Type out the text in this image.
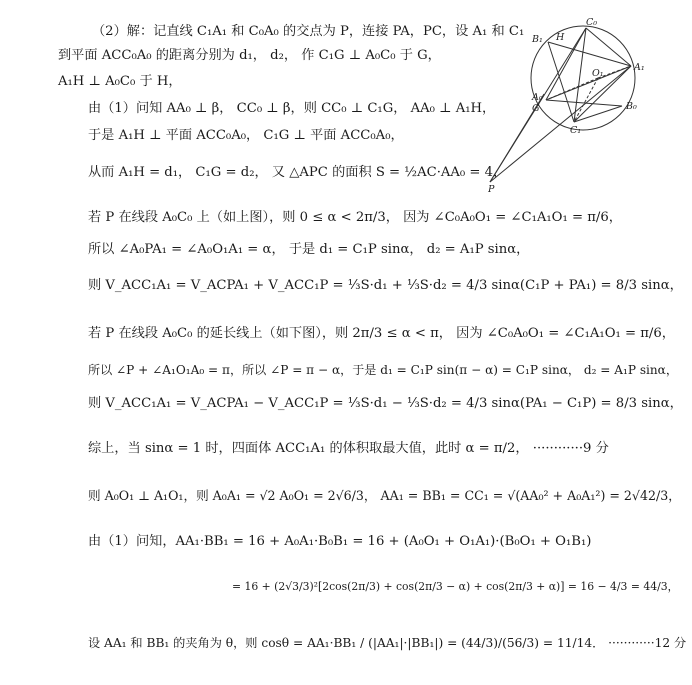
（2）解：记直线 C₁A₁ 和 C₀A₀ 的交点为 P，连接 PA，PC，设 A₁ 和 C₁
到平面 ACC₀A₀ 的距离分别为 d₁， d₂， 作 C₁G ⊥ A₀C₀ 于 G，
A₁H ⊥ A₀C₀ 于 H，
由（1）问知 AA₀ ⊥ β， CC₀ ⊥ β，则 CC₀ ⊥ C₁G， AA₀ ⊥ A₁H，
于是 A₁H ⊥ 平面 ACC₀A₀， C₁G ⊥ 平面 ACC₀A₀，
从而 A₁H = d₁， C₁G = d₂， 又 △APC 的面积 S = ½AC·AA₀ = 4，
若 P 在线段 A₀C₀ 上（如上图），则 0 ≤ α < 2π/3， 因为 ∠C₀A₀O₁ = ∠C₁A₁O₁ = π/6，
所以 ∠A₀PA₁ = ∠A₀O₁A₁ = α， 于是 d₁ = C₁P sinα， d₂ = A₁P sinα，
则 V_ACC₁A₁ = V_ACPA₁ + V_ACC₁P = ⅓S·d₁ + ⅓S·d₂ = 4/3 sinα(C₁P + PA₁) = 8/3 sinα，
若 P 在线段 A₀C₀ 的延长线上（如下图），则 2π/3 ≤ α < π， 因为 ∠C₀A₀O₁ = ∠C₁A₁O₁ = π/6，
所以 ∠P + ∠A₁O₁A₀ = π，所以 ∠P = π − α，于是 d₁ = C₁P sin(π − α) = C₁P sinα， d₂ = A₁P sinα，
则 V_ACC₁A₁ = V_ACPA₁ − V_ACC₁P = ⅓S·d₁ − ⅓S·d₂ = 4/3 sinα(PA₁ − C₁P) = 8/3 sinα，
综上，当 sinα = 1 时，四面体 ACC₁A₁ 的体积取最大值，此时 α = π/2， ············9 分
则 A₀O₁ ⊥ A₁O₁，则 A₀A₁ = √2 A₀O₁ = 2√6/3， AA₁ = BB₁ = CC₁ = √(AA₀² + A₀A₁²) = 2√42/3，
由（1）问知，AA₁·BB₁ = 16 + A₀A₁·B₀B₁ = 16 + (A₀O₁ + O₁A₁)·(B₀O₁ + O₁B₁)
= 16 + (2√3/3)²[2cos(2π/3) + cos(2π/3 − α) + cos(2π/3 + α)] = 16 − 4/3 = 44/3，
设 AA₁ 和 BB₁ 的夹角为 θ，则 cosθ = AA₁·BB₁ / (|AA₁|·|BB₁|) = (44/3)/(56/3) = 11/14． ············12 分
C₀
B₁ H
B₀
A₁
O₁
A₀
G
C₁
P
